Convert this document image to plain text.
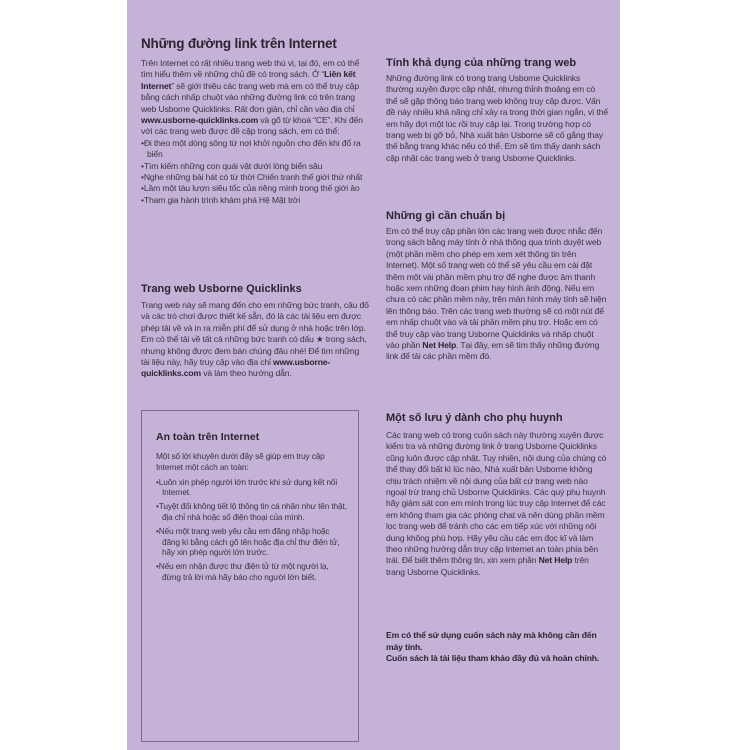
Những đường link trên Internet

Trên Internet có rất nhiều trang web thú vị, tại đó, em có thể tìm hiểu thêm về những chủ đề có trong sách. Ở “Liên kết Internet” sẽ giới thiệu các trang web mà em có thể truy cập bằng cách nhấp chuột vào những đường link có trên trang web Usborne Quicklinks. Rất đơn giản, chỉ cần vào địa chỉ www.usborne-quicklinks.com và gõ từ khoá “CE”. Khi đến với các trang web được đề cập trong sách, em có thể:

• Đi theo một dòng sông từ nơi khởi nguồn cho đến khi đổ ra biển
• Tìm kiếm những con quái vật dưới lòng biển sâu
• Nghe những bài hát có từ thời Chiến tranh thế giới thứ nhất
• Lầm một tàu lượn siêu tốc của riêng mình trong thế giới ảo
• Tham gia hành trình khám phá Hệ Mặt trời
Trang web Usborne Quicklinks

Trang web này sẽ mang đến cho em những bức tranh, câu đố và các trò chơi được thiết kế sẵn, đó là các tài liệu em được phép tải về và in ra miễn phí để sử dụng ở nhà hoặc trên lớp. Em có thể tải về tất cả những bức tranh có dấu ★ trong sách, nhưng không được đem bán chúng đâu nhé! Để tìm những tài liệu này, hãy truy cập vào địa chỉ www.usborne-quicklinks.com và làm theo hướng dẫn.

An toàn trên Internet

Một số lời khuyên dưới đây sẽ giúp em truy cập Internet một cách an toàn:

• Luôn xin phép người lớn trước khi sử dụng kết nối Internet.
• Tuyệt đối không tiết lộ thông tin cá nhân như tên thật, địa chỉ nhà hoặc số điện thoại của mình.
• Nếu một trang web yêu cầu em đăng nhập hoặc đăng kí bằng cách gõ tên hoặc địa chỉ thư điện tử, hãy xin phép người lớn trước.
• Nếu em nhận được thư điện tử từ một người lạ, đừng trả lời mà hãy báo cho người lớn biết.
Tính khả dụng của những trang web
Những đường link có trong trang Usborne Quicklinks thường xuyên được cập nhật, nhưng thỉnh thoảng em có thể sẽ gặp thông báo trang web không truy cập được. Vấn đề này nhiều khả năng chỉ xảy ra trong thời gian ngắn, vì thế em hãy đợi một lúc rồi truy cập lại. Trong trường hợp có trang web bị gỡ bỏ, Nhà xuất bản Usborne sẽ cố gắng thay thế bằng trang khác nếu có thể. Em sẽ tìm thấy danh sách cập nhật các trang web ở trang Usborne Quicklinks.
Những gì cần chuẩn bị

Em có thể truy cập phần lớn các trang web được nhắc đến trong sách bằng máy tính ở nhà thông qua trình duyệt web (một phần mềm cho phép em xem xét thông tin trên Internet). Một số trang web có thể sẽ yêu cầu em cài đặt thêm một vài phần mềm phụ trợ để nghe được âm thanh hoặc xem những đoạn phim hay hình ảnh động. Nếu em chưa có các phần mềm này, trên màn hình máy tính sẽ hiện lên thông báo. Trên các trang web thường sẽ có một nút để em nhấp chuột vào và tải phần mềm phụ trợ. Hoặc em có thể truy cập vào trang Usborne Quicklinks và nhấp chuột vào phần Net Help. Tại đây, em sẽ tìm thấy những đường link để tải các phần mềm đó.

Một số lưu ý dành cho phụ huynh

Các trang web có trong cuốn sách này thường xuyên được kiểm tra và những đường link ở trang Usborne Quicklinks cũng luôn được cập nhật. Tuy nhiên, nội dung của chúng có thể thay đổi bất kì lúc nào, Nhà xuất bản Usborne không chịu trách nhiệm về nội dung của bất cứ trang web nào ngoại trừ trang chủ Usborne Quicklinks. Các quý phụ huynh hãy giám sát con em mình trong lúc truy cập Internet để các em không tham gia các phòng chat và nên dùng phần mềm lọc trang web để tránh cho các em tiếp xúc với những nội dung không phù hợp. Hãy yêu cầu các em đọc kĩ và làm theo những hướng dẫn truy cập Internet an toàn phía bên trái. Để biết thêm thông tin, xin xem phần Net Help trên trang Usborne Quicklinks.

Em có thể sử dụng cuốn sách này mà không cần đến máy tính.
Cuốn sách là tài liệu tham khảo đầy đủ và hoàn chỉnh.
